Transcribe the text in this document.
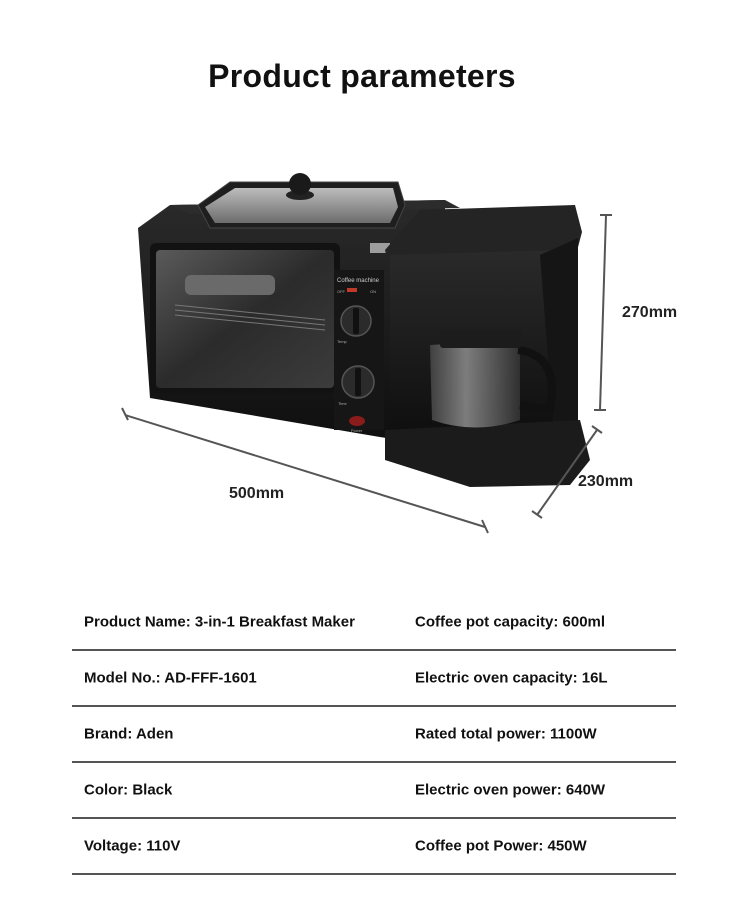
Product parameters
Coffee machine
OFF	ON
Temp
Time
Power
500mm
230mm
270mm
Product Name: 3-in-1 Breakfast Maker	Coffee pot capacity: 600ml
Model No.: AD-FFF-1601	Electric oven capacity: 16L
Brand: Aden	Rated total power: 1100W
Color: Black	Electric oven power: 640W
Voltage: 110V	Coffee pot Power: 450W
